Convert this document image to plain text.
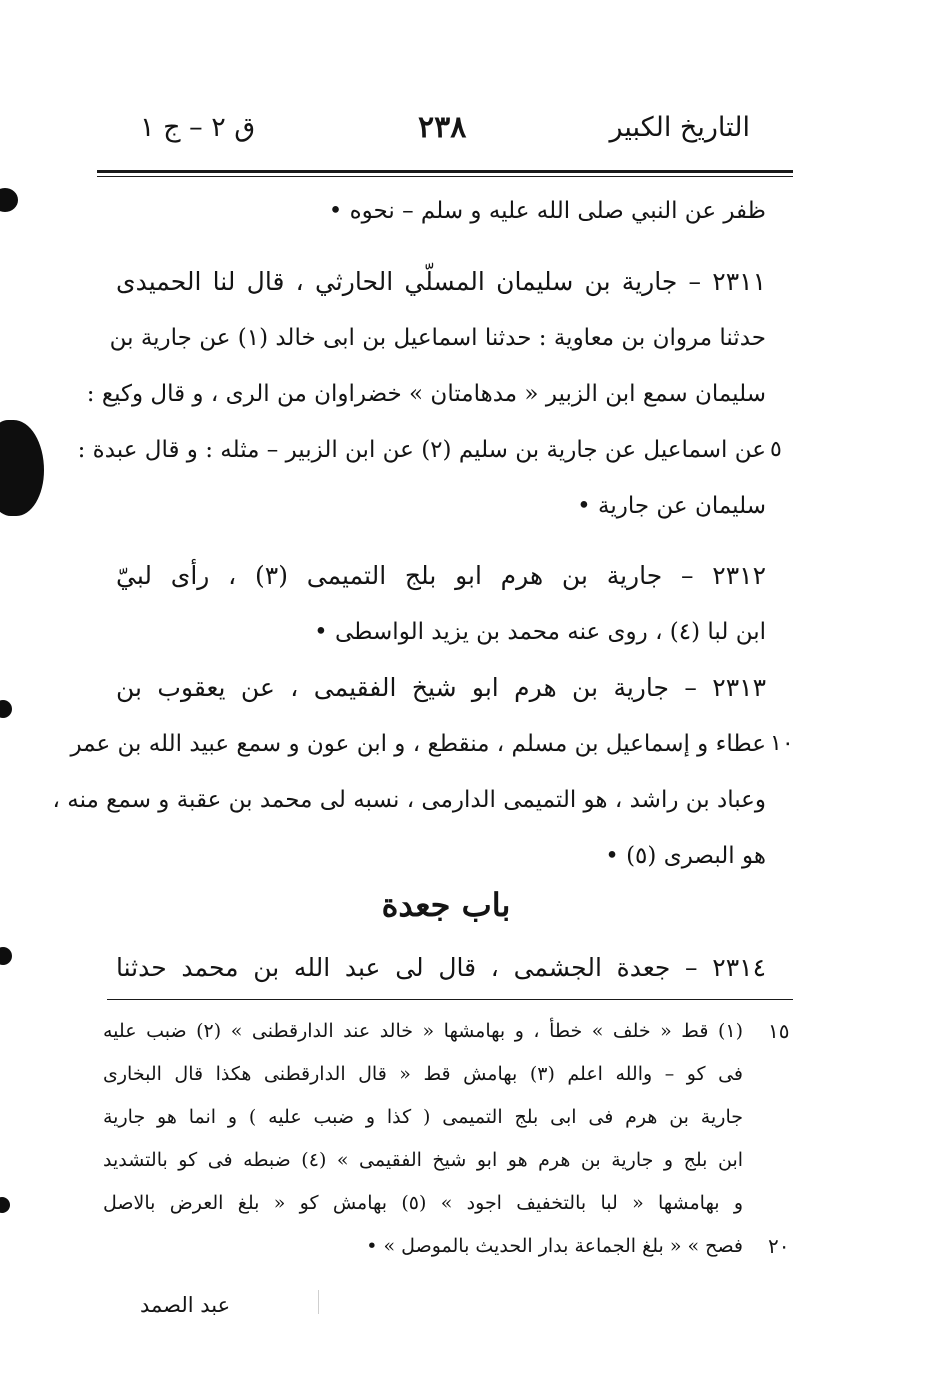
التاريخ الكبير
٢٣٨
ق ٢ – ج ١
ظفر عن النبي صلى الله عليه و سلم – نحوه •
٢٣١١ – جارية بن سليمان المسلّي الحارثي ، قال لنا الحميدى
حدثنا مروان بن معاوية : حدثنا اسماعيل بن ابى خالد (١) عن جارية بن
سليمان سمع ابن الزبير « مدهامتان » خضراوان من الرى ، و قال وكيع :
عن اسماعيل عن جارية بن سليم (٢) عن ابن الزبير – مثله : و قال عبدة : ٥
سليمان عن جارية •
٢٣١٢ – جارية بن هرم ابو بلج التميمى (٣) ، رأى لبيّ
ابن لبا (٤) ، روى عنه محمد بن يزيد الواسطى •
٢٣١٣ – جارية بن هرم ابو شيخ الفقيمى ، عن يعقوب بن
عطاء و إسماعيل بن مسلم ، منقطع ، و ابن عون و سمع عبيد الله بن عمر ١٠
وعباد بن راشد ، هو التميمى الدارمى ، نسبه لى محمد بن عقبة و سمع منه ،
هو البصرى (٥) •
باب جعدة
٢٣١٤ – جعدة الجشمى ، قال لى عبد الله بن محمد حدثنا
(١) قط « خلف » خطأ ، و بهامشها « خالد عند الدارقطنى » (٢) ضبب عليه ١٥
فى كو – والله اعلم (٣) بهامش قط « قال الدارقطنى هكذا قال البخارى
جارية بن هرم فى ابى بلج التميمى ( كذا و ضبب عليه ) و انما هو جارية
ابن بلج و جارية بن هرم هو ابو شيخ الفقيمى » (٤) ضبطه فى كو بالتشديد
و بهامشها « لبا بالتخفيف اجود » (٥) بهامش كو « بلغ العرض بالاصل
فصح » « بلغ الجماعة بدار الحديث بالموصل » • ٢٠
عبد الصمد
